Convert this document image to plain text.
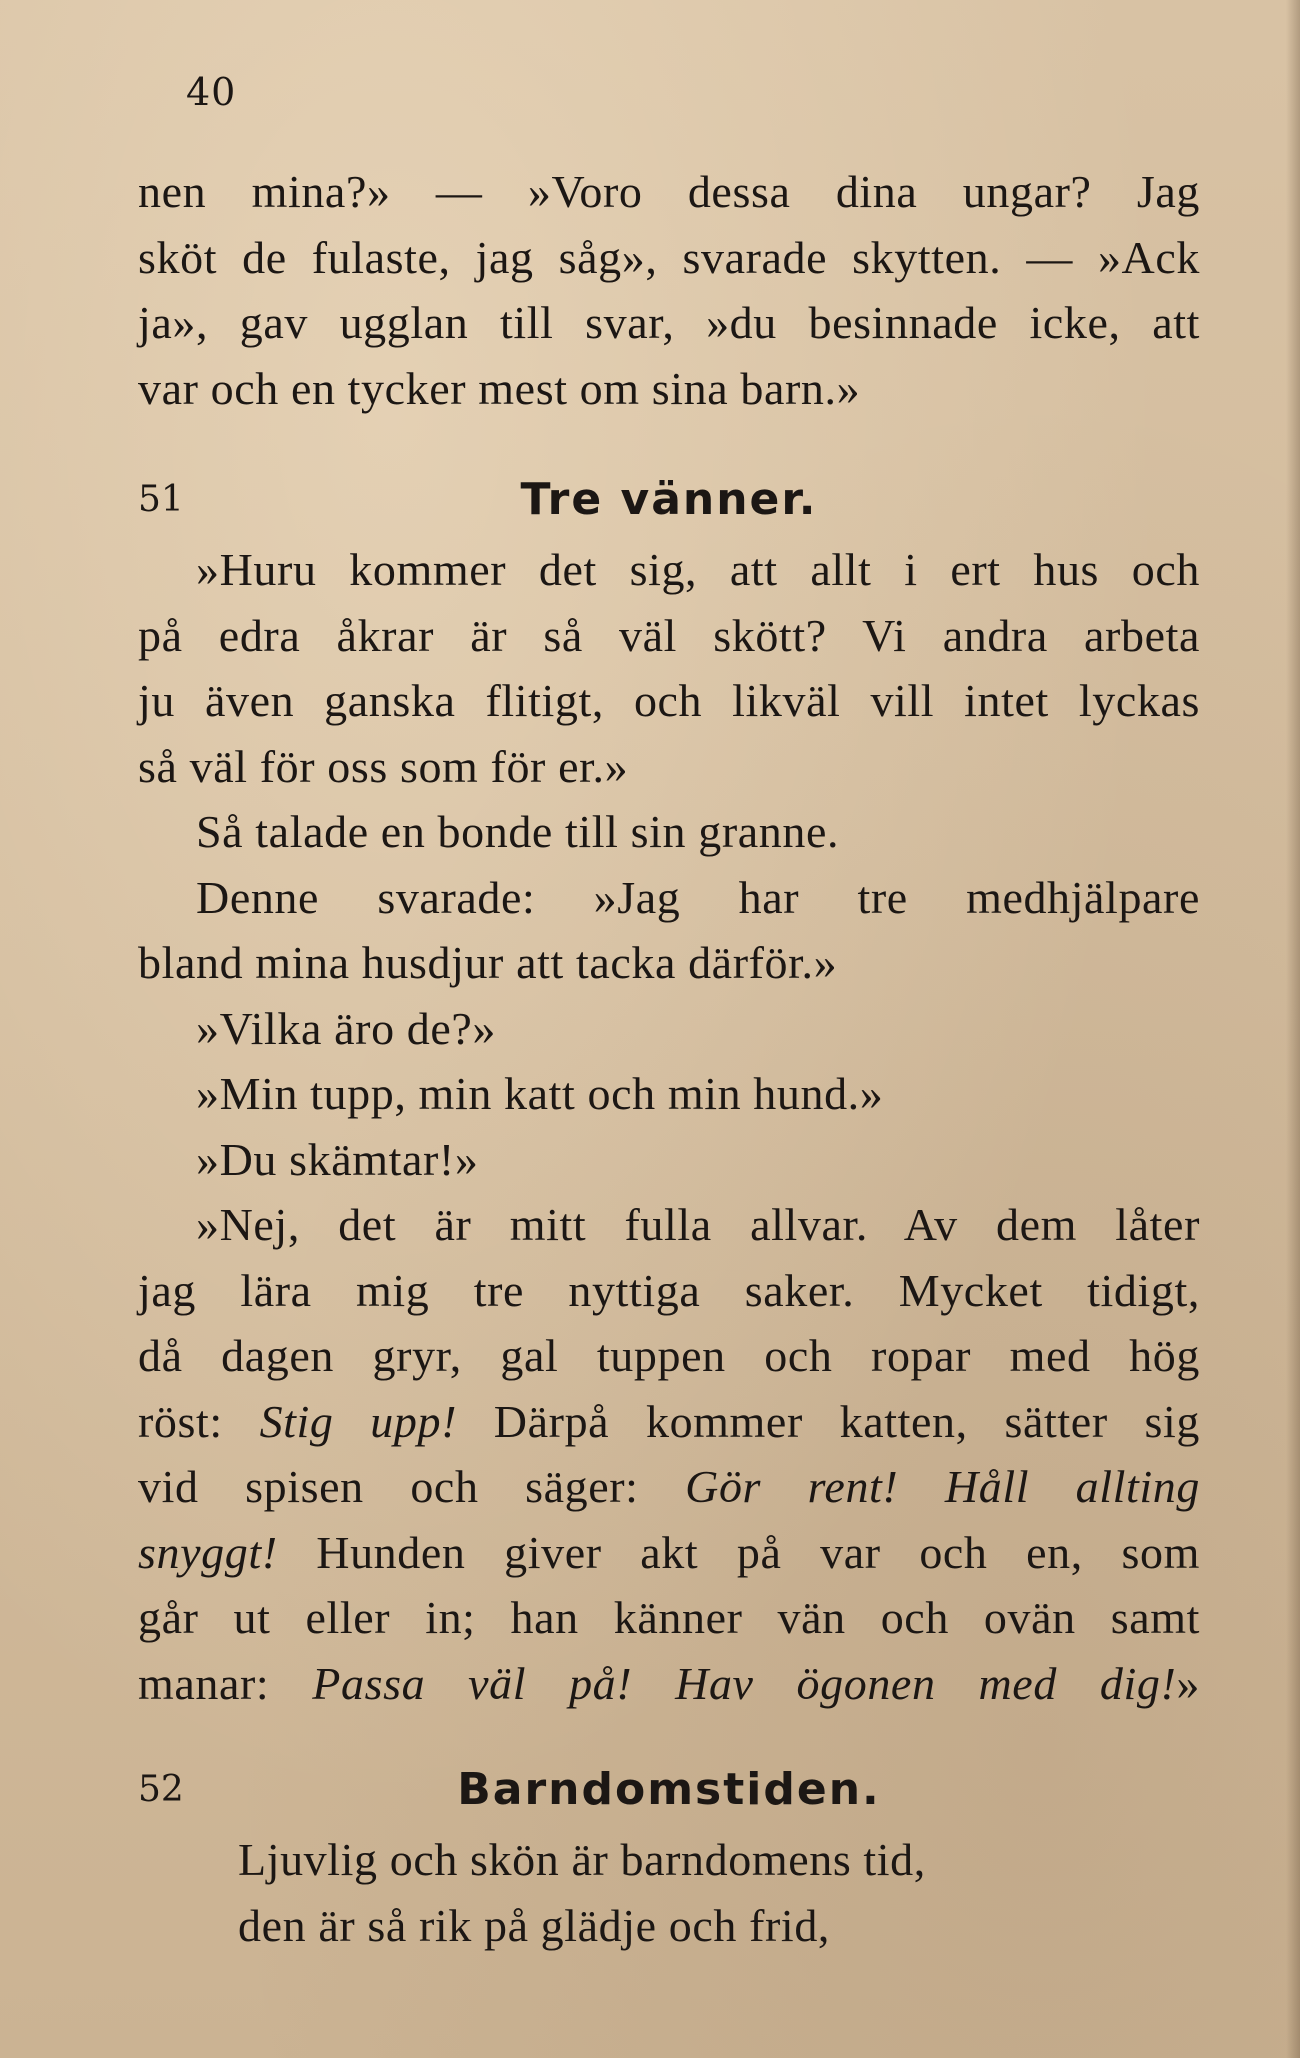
40
nen mina?» — »Voro dessa dina ungar? Jag
sköt de fulaste, jag såg», svarade skytten. — »Ack
ja», gav ugglan till svar, »du besinnade icke, att
var och en tycker mest om sina barn.»
51	Tre vänner.
»Huru kommer det sig, att allt i ert hus och
på edra åkrar är så väl skött? Vi andra arbeta
ju även ganska flitigt, och likväl vill intet lyckas
så väl för oss som för er.»
Så talade en bonde till sin granne.
Denne svarade: »Jag har tre medhjälpare
bland mina husdjur att tacka därför.»
»Vilka äro de?»
»Min tupp, min katt och min hund.»
»Du skämtar!»
»Nej, det är mitt fulla allvar. Av dem låter
jag lära mig tre nyttiga saker. Mycket tidigt,
då dagen gryr, gal tuppen och ropar med hög
röst: Stig upp! Därpå kommer katten, sätter sig
vid spisen och säger: Gör rent! Håll allting
snyggt! Hunden giver akt på var och en, som
går ut eller in; han känner vän och ovän samt
manar: Passa väl på! Hav ögonen med dig!»
52	Barndomstiden.
Ljuvlig och skön är barndomens tid,
den är så rik på glädje och frid,
